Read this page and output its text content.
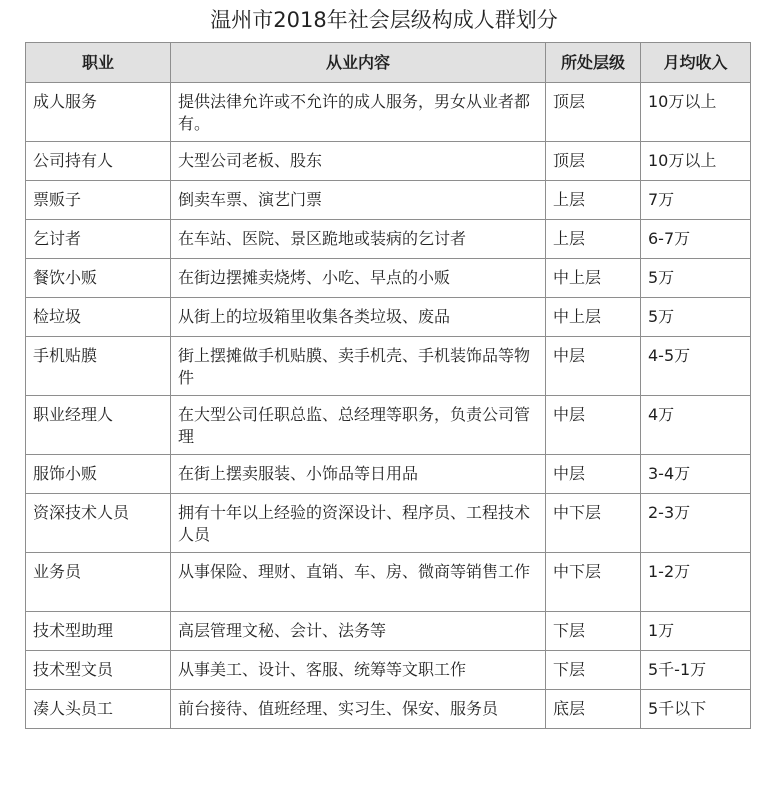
温州市2018年社会层级构成人群划分
职业	从业内容	所处层级	月均收入
成人服务	提供法律允许或不允许的成人服务，男女从业者都有。	顶层	10万以上
公司持有人	大型公司老板、股东	顶层	10万以上
票贩子	倒卖车票、演艺门票	上层	7万
乞讨者	在车站、医院、景区跪地或装病的乞讨者	上层	6-7万
餐饮小贩	在街边摆摊卖烧烤、小吃、早点的小贩	中上层	5万
检垃圾	从街上的垃圾箱里收集各类垃圾、废品	中上层	5万
手机贴膜	街上摆摊做手机贴膜、卖手机壳、手机装饰品等物件	中层	4-5万
职业经理人	在大型公司任职总监、总经理等职务，负责公司管理	中层	4万
服饰小贩	在街上摆卖服装、小饰品等日用品	中层	3-4万
资深技术人员	拥有十年以上经验的资深设计、程序员、工程技术人员	中下层	2-3万
业务员	从事保险、理财、直销、车、房、微商等销售工作	中下层	1-2万
技术型助理	高层管理文秘、会计、法务等	下层	1万
技术型文员	从事美工、设计、客服、统筹等文职工作	下层	5千-1万
凑人头员工	前台接待、值班经理、实习生、保安、服务员	底层	5千以下
